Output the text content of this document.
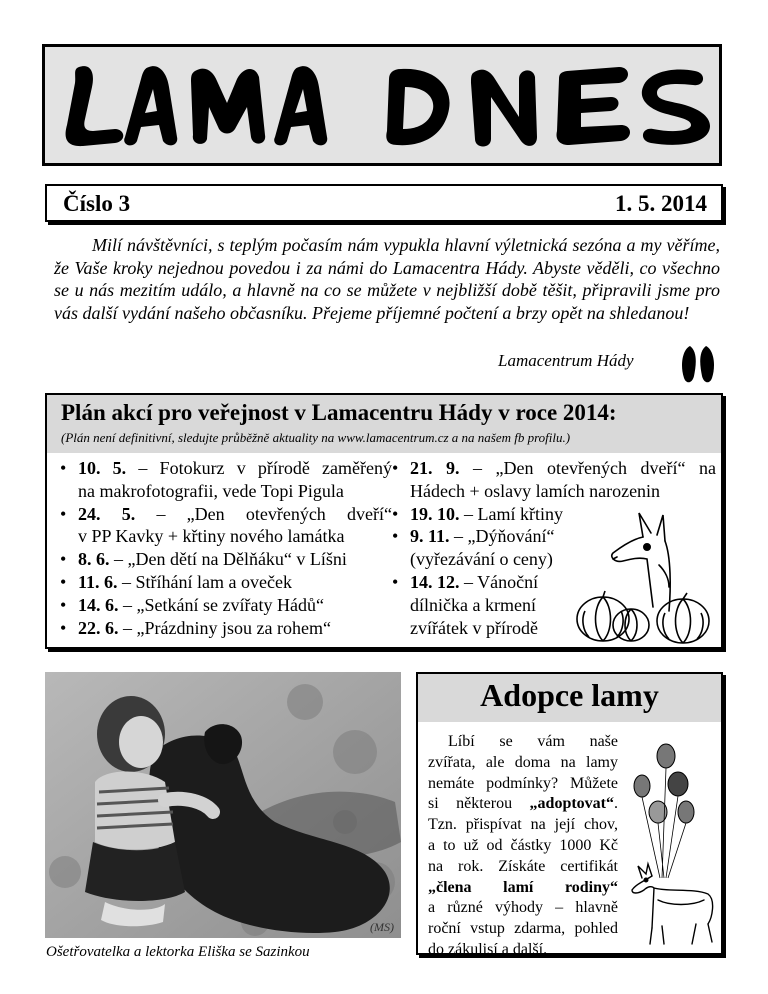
Číslo 3	1. 5. 2014

Milí návštěvníci, s teplým počasím nám vypukla hlavní výletnická sezóna a my věříme, že Vaše kroky nejednou povedou i za námi do Lamacentra Hády. Abyste věděli, co všechno se u nás mezitím událo, a hlavně na co se můžete v nejbližší době těšit, připravili jsme pro vás další vydání našeho občasníku. Přejeme příjemné počtení a brzy opět na shledanou!

Lamacentrum Hády
Plán akcí pro veřejnost v Lamacentru Hády v roce 2014:
(Plán není definitivní, sledujte průběžně aktuality na www.lamacentrum.cz a na našem fb profilu.)
• 10. 5. – Fotokurz v přírodě zaměřený
na makrofotografii, vede Topi Pigula
• 24. 5. – „Den otevřených dveří“
v PP Kavky + křtiny nového lamátka
• 8. 6. – „Den dětí na Dělňáku“ v Líšni
• 11. 6. – Stříhání lam a oveček
• 14. 6. – „Setkání se zvířaty Hádů“
• 22. 6. – „Prázdniny jsou za rohem“
• 21. 9. – „Den otevřených dveří“ na
Hádech + oslavy lamích narozenin
• 19. 10. – Lamí křtiny
• 9. 11. – „Dýňování“
(vyřezávání o ceny)
• 14. 12. – Vánoční
dílnička a krmení
zvířátek v přírodě
(MS)
Ošetřovatelka a lektorka Eliška se Sazinkou
Adopce lamy
Líbí se vám naše
zvířata, ale doma na lamy
nemáte podmínky? Můžete
si některou „adoptovat“.
Tzn. přispívat na její chov,
a to už od částky 1000 Kč
na rok. Získáte certifikát
„člena lamí rodiny“
a různé výhody – hlavně
roční vstup zdarma, pohled
do zákulisí a další.
